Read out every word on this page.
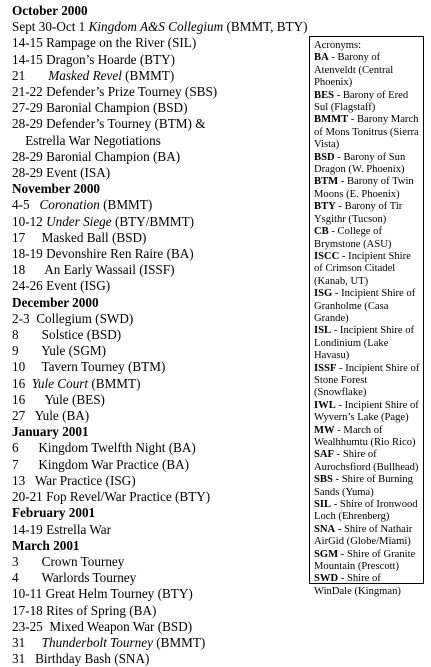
October 2000
Sept 30-Oct 1 Kingdom A&S Collegium (BMMT, BTY)
14-15 Rampage on the River (SIL)
14-15 Dragon’s Hoarde (BTY)
21 Masked Revel (BMMT)
21-22 Defender’s Prize Tourney (SBS)
27-29 Baronial Champion (BSD)
28-29 Defender’s Tourney (BTM) &
Estrella War Negotiations
28-29 Baronial Champion (BA)
28-29 Event (ISA)
November 2000
4-5 Coronation (BMMT)
10-12 Under Siege (BTY/BMMT)
17 Masked Ball (BSD)
18-19 Devonshire Ren Raire (BA)
18 An Early Wassail (ISSF)
24-26 Event (ISG)
December 2000
2-3 Collegium (SWD)
8 Solstice (BSD)
9 Yule (SGM)
10 Tavern Tourney (BTM)
16 Yule Court (BMMT)
16 Yule (BES)
27 Yule (BA)
January 2001
6 Kingdom Twelfth Night (BA)
7 Kingdom War Practice (BA)
13 War Practice (ISG)
20-21 Fop Revel/War Practice (BTY)
February 2001
14-19 Estrella War
March 2001
3 Crown Tourney
4 Warlords Tourney
10-11 Great Helm Tourney (BTY)
17-18 Rites of Spring (BA)
23-25 Mixed Weapon War (BSD)
31 Thunderbolt Tourney (BMMT)
31 Birthday Bash (SNA)
Acronyms:
BA - Barony of Atenveldt (Central Phoenix)
BES - Barony of Ered Sul (Flagstaff)
BMMT - Barony March of Mons Tonitrus (Sierra Vista)
BSD - Barony of Sun Dragon (W. Phoenix)
BTM - Barony of Twin Moons (E. Phoenix)
BTY - Barony of Tir Ysgithr (Tucson)
CB - College of Brymstone (ASU)
ISCC - Incipient Shire of Crimson Citadel (Kanab, UT)
ISG - Incipient Shire of Granholme (Casa Grande)
ISL - Incipient Shire of Londinium (Lake Havasu)
ISSF - Incipient Shire of Stone Forest (Snowflake)
IWL - Incipient Shire of Wyvern’s Lake (Page)
MW - March of Wealhhumtu (Rio Rico)
SAF - Shire of Aurochsfiord (Bullhead)
SBS - Shire of Burning Sands (Yuma)
SIL - Shire of Ironwood Loch (Ehrenberg)
SNA - Shire of Nathair AirGid (Globe/Miami)
SGM - Shire of Granite Mountain (Prescott)
SWD - Shire of WinDale (Kingman)
